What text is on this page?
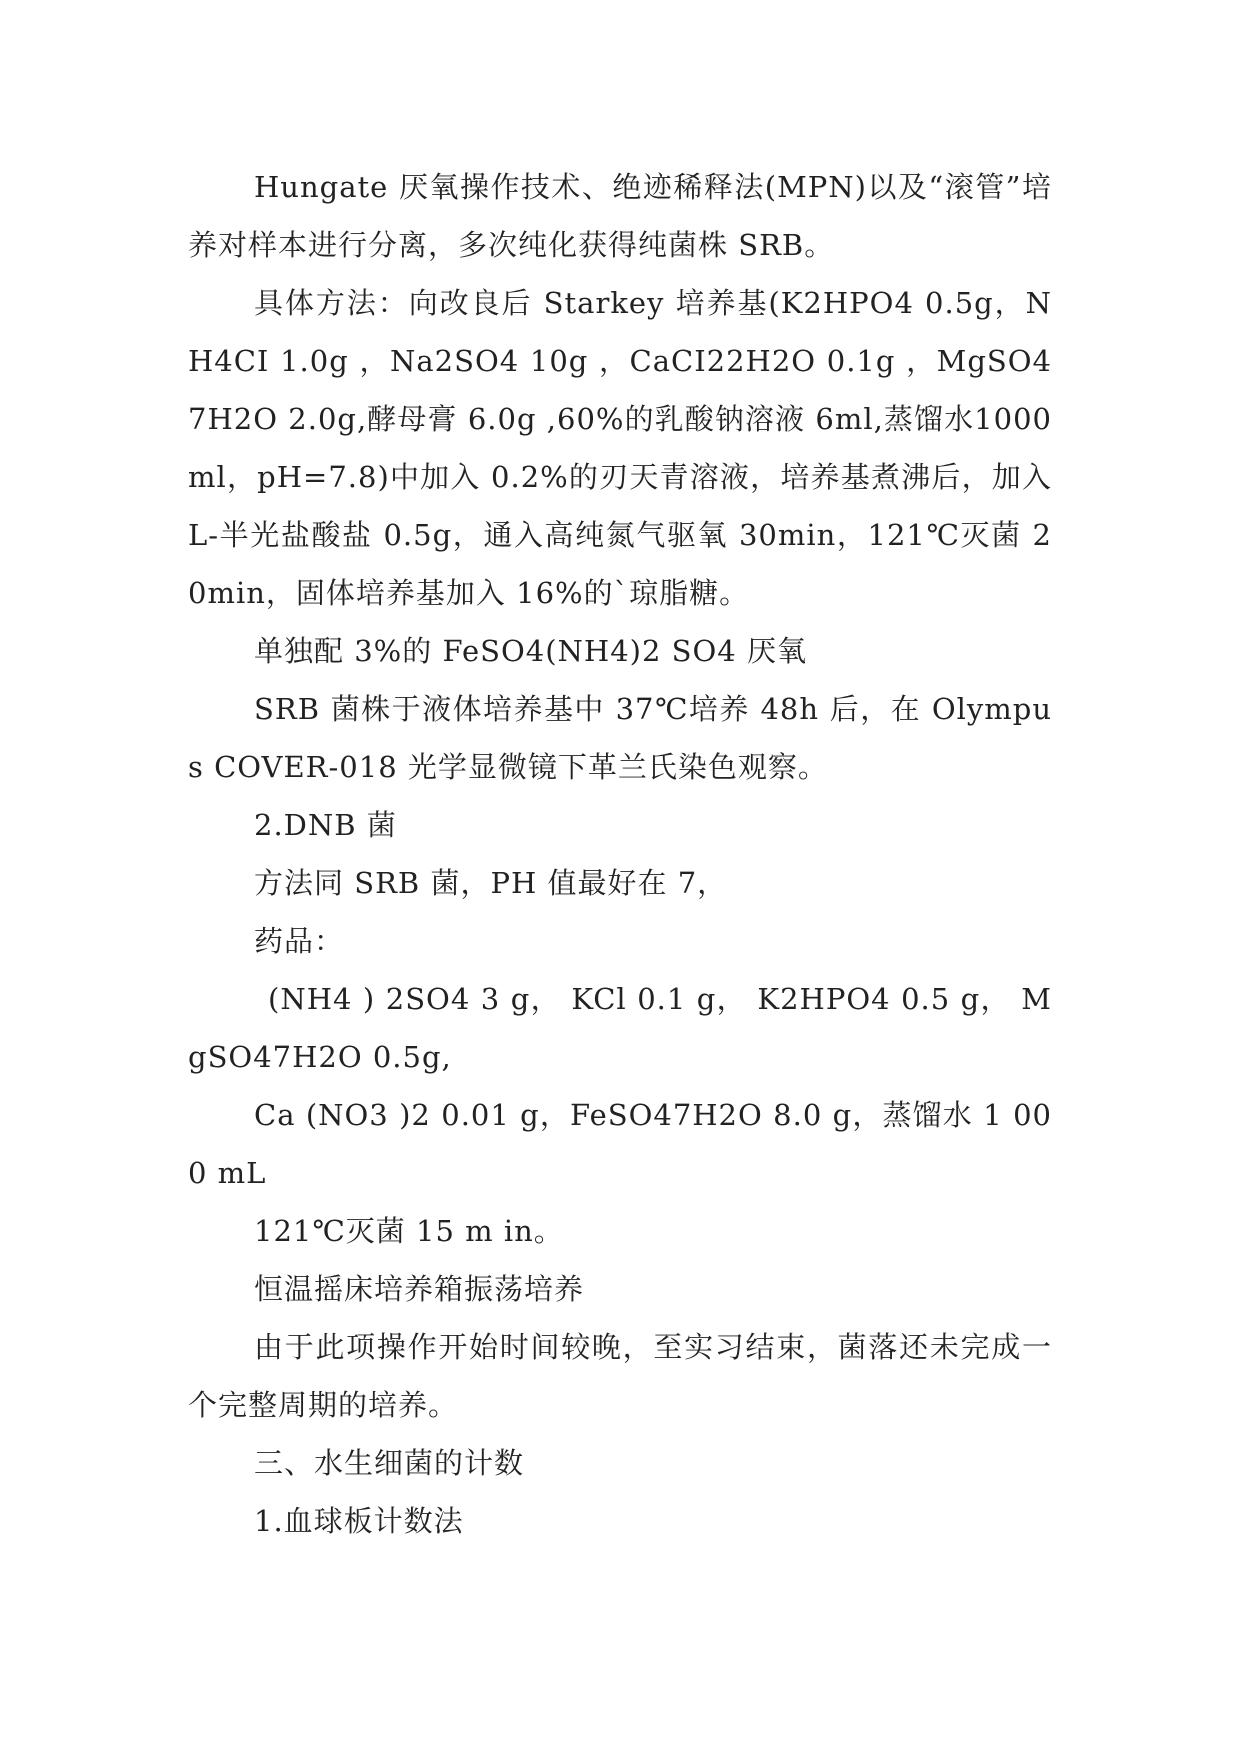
Hungate 厌氧操作技术、绝迹稀释法(MPN)以及“滚管”培养对样本进行分离，多次纯化获得纯菌株 SRB。

具体方法：向改良后 Starkey 培养基(K2HPO4 0.5g，NH4CI 1.0g ，Na2SO4 10g ，CaCI22H2O 0.1g ，MgSO47H2O 2.0g,酵母膏 6.0g ,60%的乳酸钠溶液 6ml,蒸馏水1000 ml，pH=7.8)中加入 0.2%的刃天青溶液，培养基煮沸后，加入 L-半光盐酸盐 0.5g，通入高纯氮气驱氧 30min，121℃灭菌 20min，固体培养基加入 16%的`琼脂糖。

单独配 3%的 FeSO4(NH4)2 SO4 厌氧

SRB 菌株于液体培养基中 37℃培养 48h 后，在 Olympus COVER-018 光学显微镜下革兰氏染色观察。

2.DNB 菌

方法同 SRB 菌，PH 值最好在 7，

药品：

(NH4 ) 2SO4 3 g， KCl 0.1 g， K2HPO4 0.5 g， MgSO47H2O 0.5g,

Ca (NO3 )2 0.01 g，FeSO47H2O 8.0 g，蒸馏水 1 000 mL

121℃灭菌 15 m in。

恒温摇床培养箱振荡培养

由于此项操作开始时间较晚，至实习结束，菌落还未完成一个完整周期的培养。

三、水生细菌的计数

1.血球板计数法
